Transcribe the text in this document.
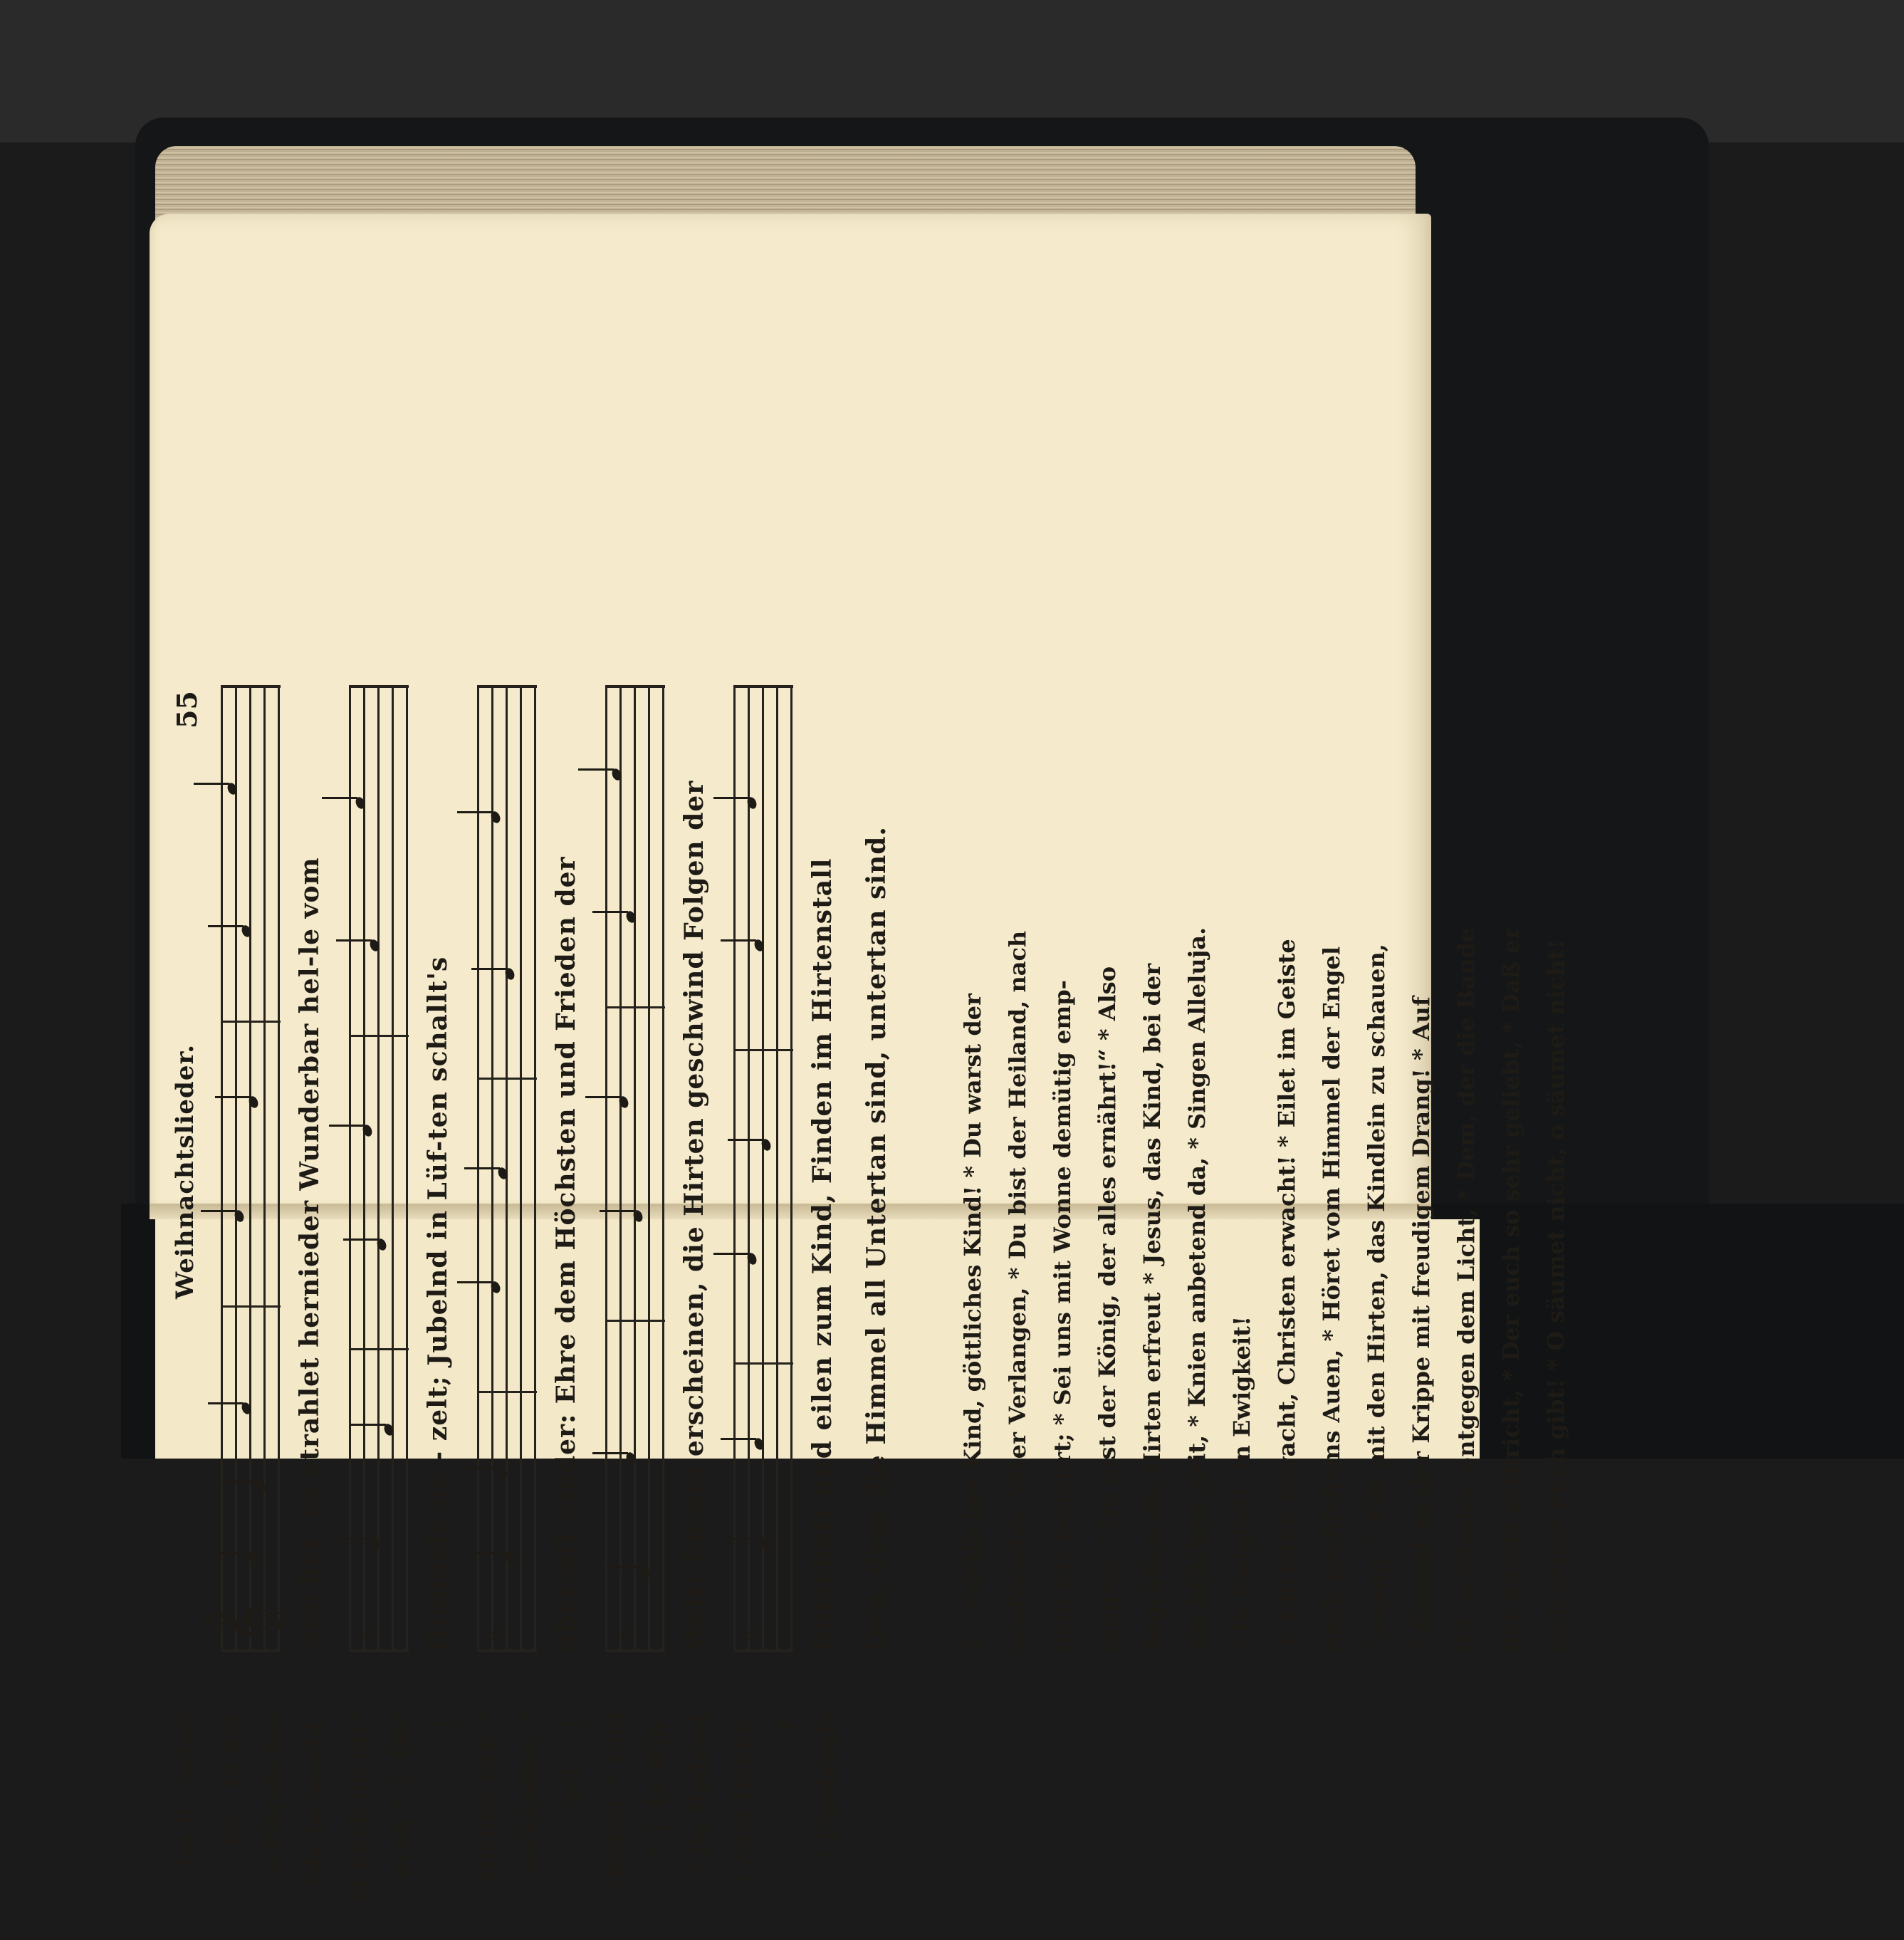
Weihnachtslieder.
55
𝄞 weichet, es strahlet hernieder Wunderbar hel-le vom ♭ Himmels-ge - zelt; Jubelnd in Lüf-ten schallt's ♭ über-all wieder: Ehre dem Höchsten und Frieden der ♭ Welt! En-gel erscheinen, die Hirten geschwind Folgen der ♭ Botschaft und eilen zum Kind, Finden im Hirtenstall Den, dem die Himmel all Untertan sind, untertan sind.	2. „Göttliches Kind, göttliches Kind! * Du warst der seufzenden Väter Verlangen, * Du bist der Heiland, nach dem wir begehrt; * Sei uns mit Wonne demütig emp- fangen, * Du bist der König, der alles ernährt!“ * Also begrüßen die Hirten erfreut * Jesus, das Kind, bei der nächtlichen Zeit, * Knien anbetend da, * Singen Alleluja. * In Ewigkeit, in Ewigkeit! 3. Christen erwacht, Christen erwacht! * Eilet im Geiste nach Bethlehems Auen, * Höret vom Himmel der Engel Gesang. * Eilt mit den Hirten, das Kindlein zu schauen, * Kommt zu der Krippe mit freudigem Drang! * Auf ihr, o Sünder, entgegen dem Licht, * Dem, der die Bande der Sünde zerbricht, * Der euch so sehr geliebt, * Daß er sich selbst euch gibt! * O säumet nicht, o säumet nicht!

im-li - scher Bo - te der e Her-de be- rde be-wacht. et euch nicht!* oren * :|: Der :|: rlichen Ort; * verkünden, * ort.“ :|: chwind. * Und * :|: In Win- * Du linderst : Zum Danke, t. ! Finsternis
